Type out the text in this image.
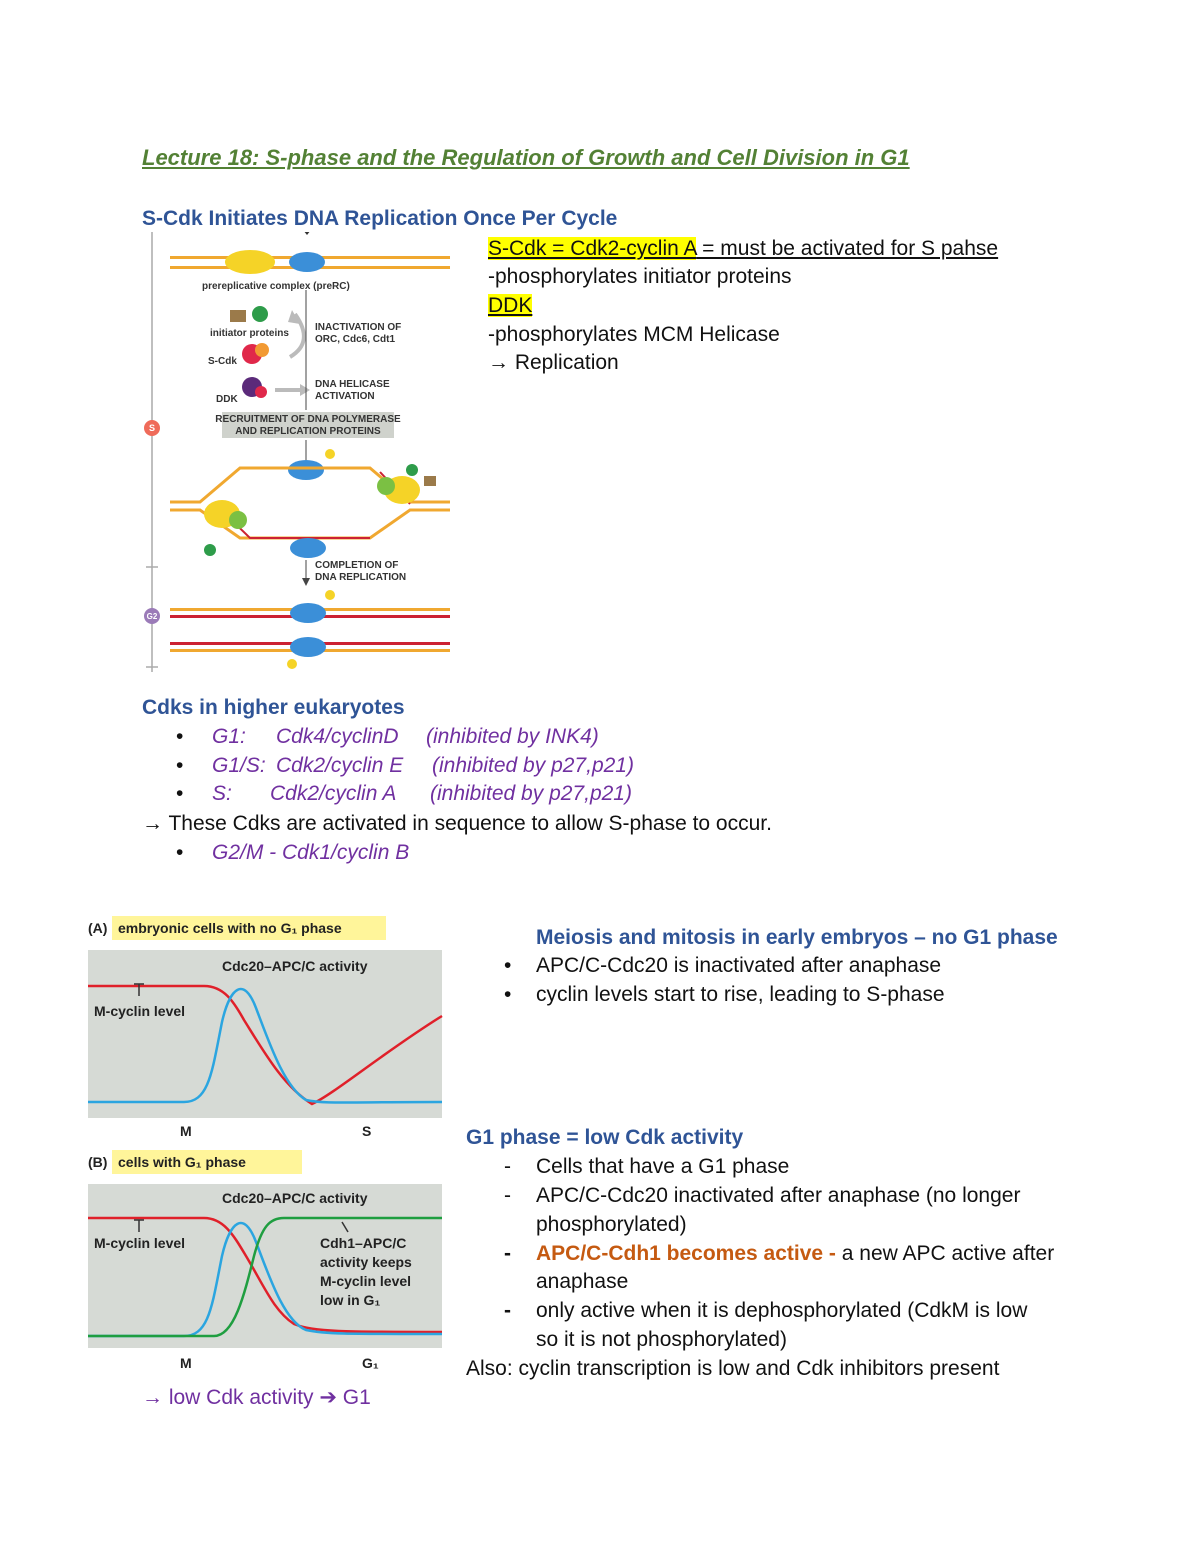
Lecture 18: S-phase and the Regulation of Growth and Cell Division in G1
S-Cdk Initiates DNA Replication Once Per Cycle
S-Cdk = Cdk2-cyclin A = must be activated for S pahse
-phosphorylates initiator proteins
DDK
-phosphorylates MCM Helicase
→ Replication
S
G2
prereplicative complex (preRC)
initiator proteins
S-Cdk
DDK
INACTIVATION OF
ORC, Cdc6, Cdt1
DNA HELICASE
ACTIVATION
RECRUITMENT OF DNA POLYMERASE
AND REPLICATION PROTEINS
COMPLETION OF
DNA REPLICATION
Cdks in higher eukaryotes
• G1: Cdk4/cyclinD (inhibited by INK4)
• G1/S: Cdk2/cyclin E (inhibited by p27,p21)
• S: Cdk2/cyclin A (inhibited by p27,p21)
→ These Cdks are activated in sequence to allow S-phase to occur.
• G2/M - Cdk1/cyclin B
(A) embryonic cells with no G₁ phase
Cdc20–APC/C activity
M-cyclin level
M	S
(B) cells with G₁ phase
Cdc20–APC/C activity
M-cyclin level	Cdh1–APC/C
activity keeps
M-cyclin level
low in G₁
M	G₁
→ low Cdk activity ➔ G1
Meiosis and mitosis in early embryos – no G1 phase
• APC/C-Cdc20 is inactivated after anaphase
• cyclin levels start to rise, leading to S-phase
G1 phase = low Cdk activity
- Cells that have a G1 phase
- APC/C-Cdc20 inactivated after anaphase (no longer
phosphorylated)
- APC/C-Cdh1 becomes active - a new APC active after
anaphase
- only active when it is dephosphorylated (CdkM is low
so it is not phosphorylated)
Also: cyclin transcription is low and Cdk inhibitors present
